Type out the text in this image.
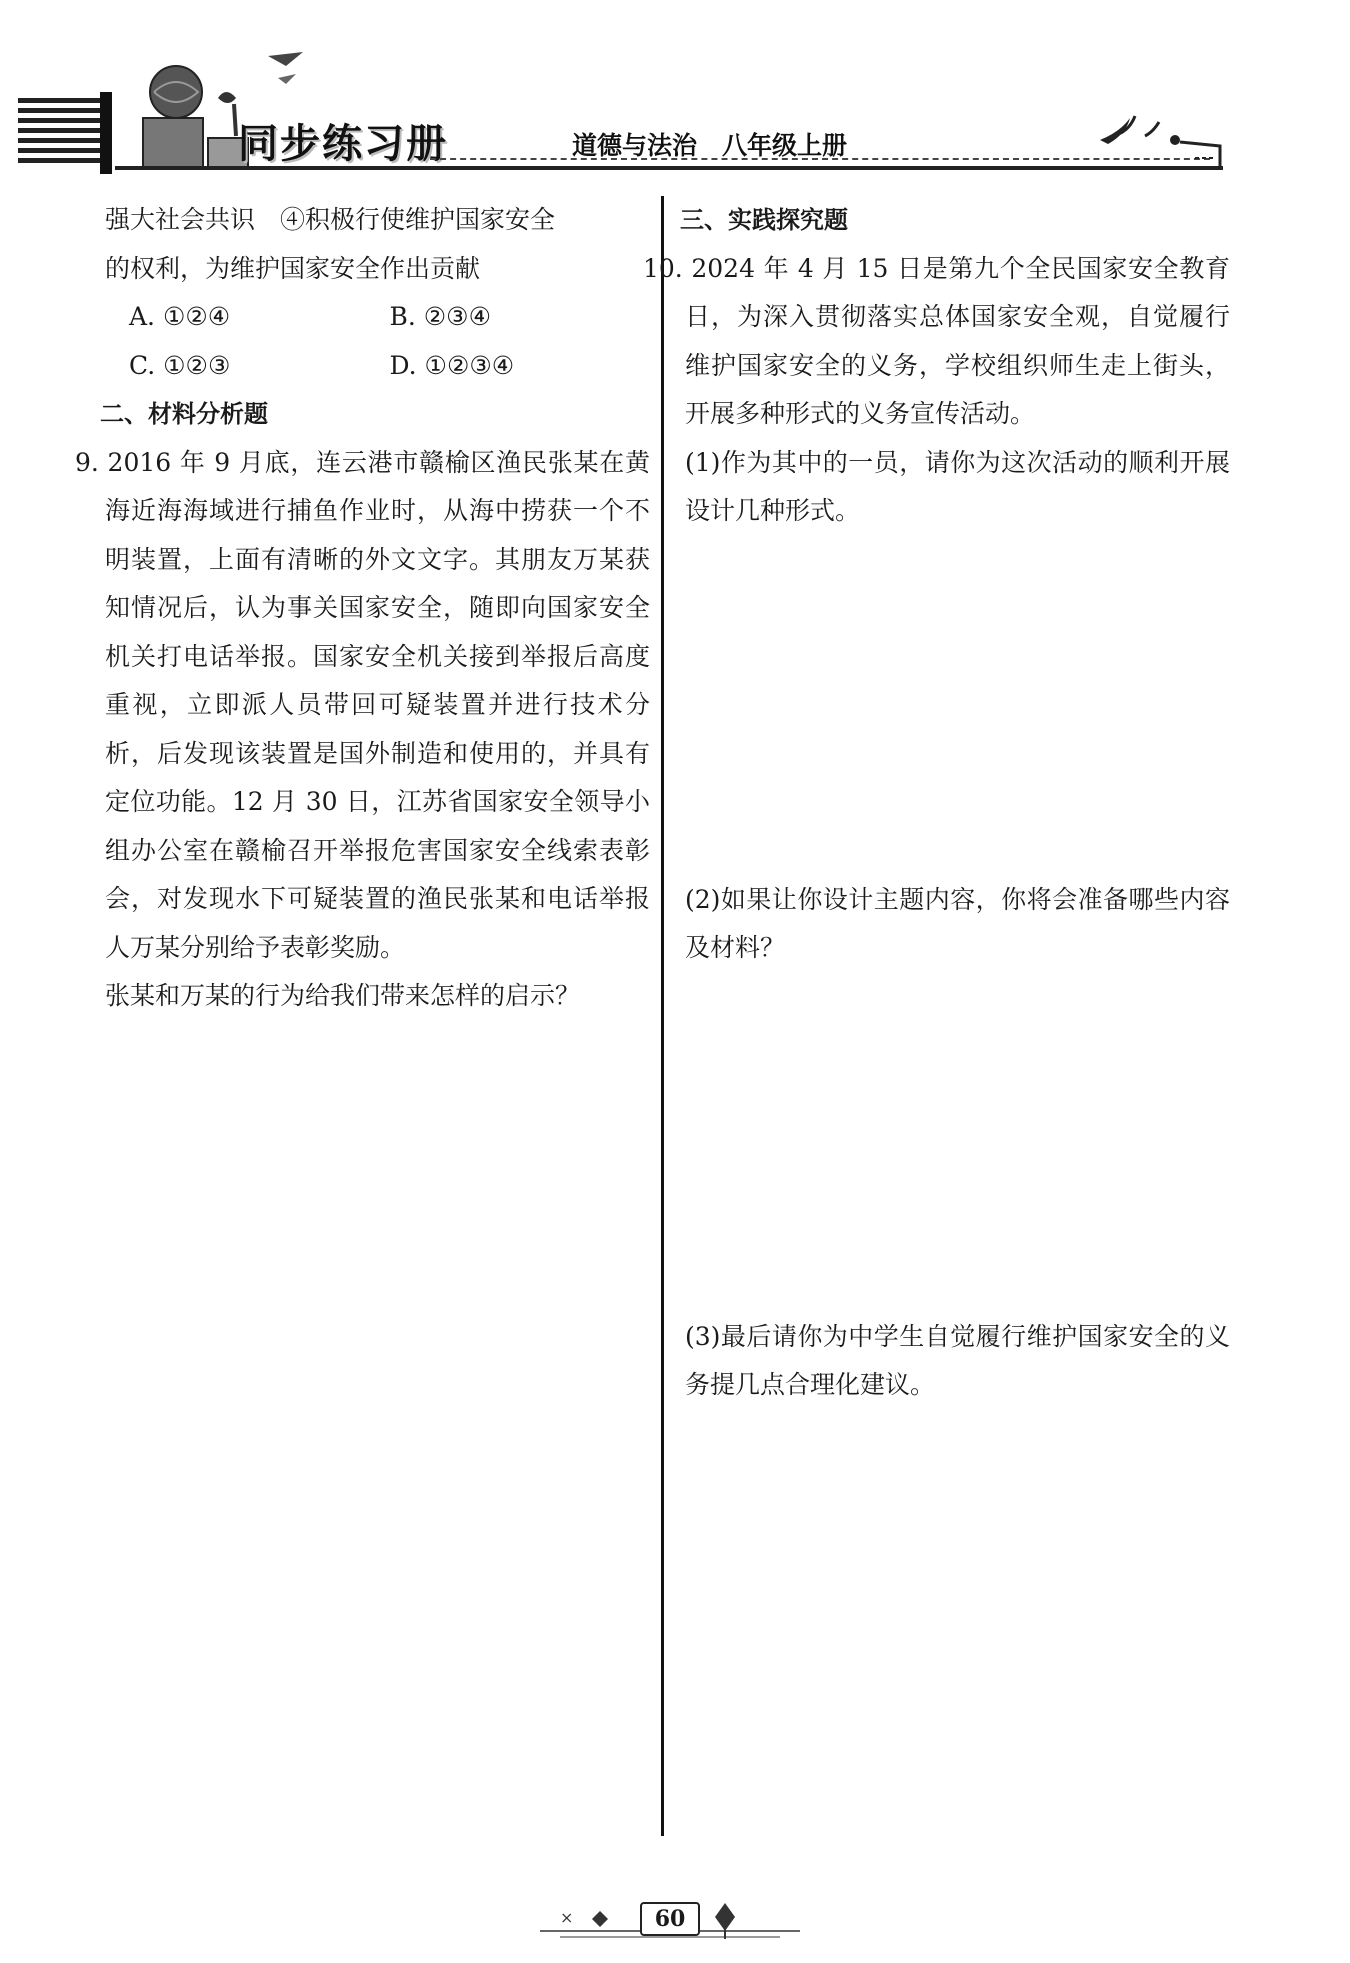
同步练习册	道德与法治　八年级上册
强大社会共识　④积极行使维护国家安全
的权利，为维护国家安全作出贡献
A. ①②④	B. ②③④
C. ①②③	D. ①②③④
二、材料分析题
9. 2016 年 9 月底，连云港市赣榆区渔民张某在黄海近海海域进行捕鱼作业时，从海中捞获一个不明装置，上面有清晰的外文文字。其朋友万某获知情况后，认为事关国家安全，随即向国家安全机关打电话举报。国家安全机关接到举报后高度重视，立即派人员带回可疑装置并进行技术分析，后发现该装置是国外制造和使用的，并具有定位功能。12 月 30 日，江苏省国家安全领导小组办公室在赣榆召开举报危害国家安全线索表彰会，对发现水下可疑装置的渔民张某和电话举报人万某分别给予表彰奖励。
张某和万某的行为给我们带来怎样的启示？
三、实践探究题
10. 2024 年 4 月 15 日是第九个全民国家安全教育日，为深入贯彻落实总体国家安全观，自觉履行维护国家安全的义务，学校组织师生走上街头，开展多种形式的义务宣传活动。
(1)作为其中的一员，请你为这次活动的顺利开展设计几种形式。
(2)如果让你设计主题内容，你将会准备哪些内容及材料？
(3)最后请你为中学生自觉履行维护国家安全的义务提几点合理化建议。
×	60
